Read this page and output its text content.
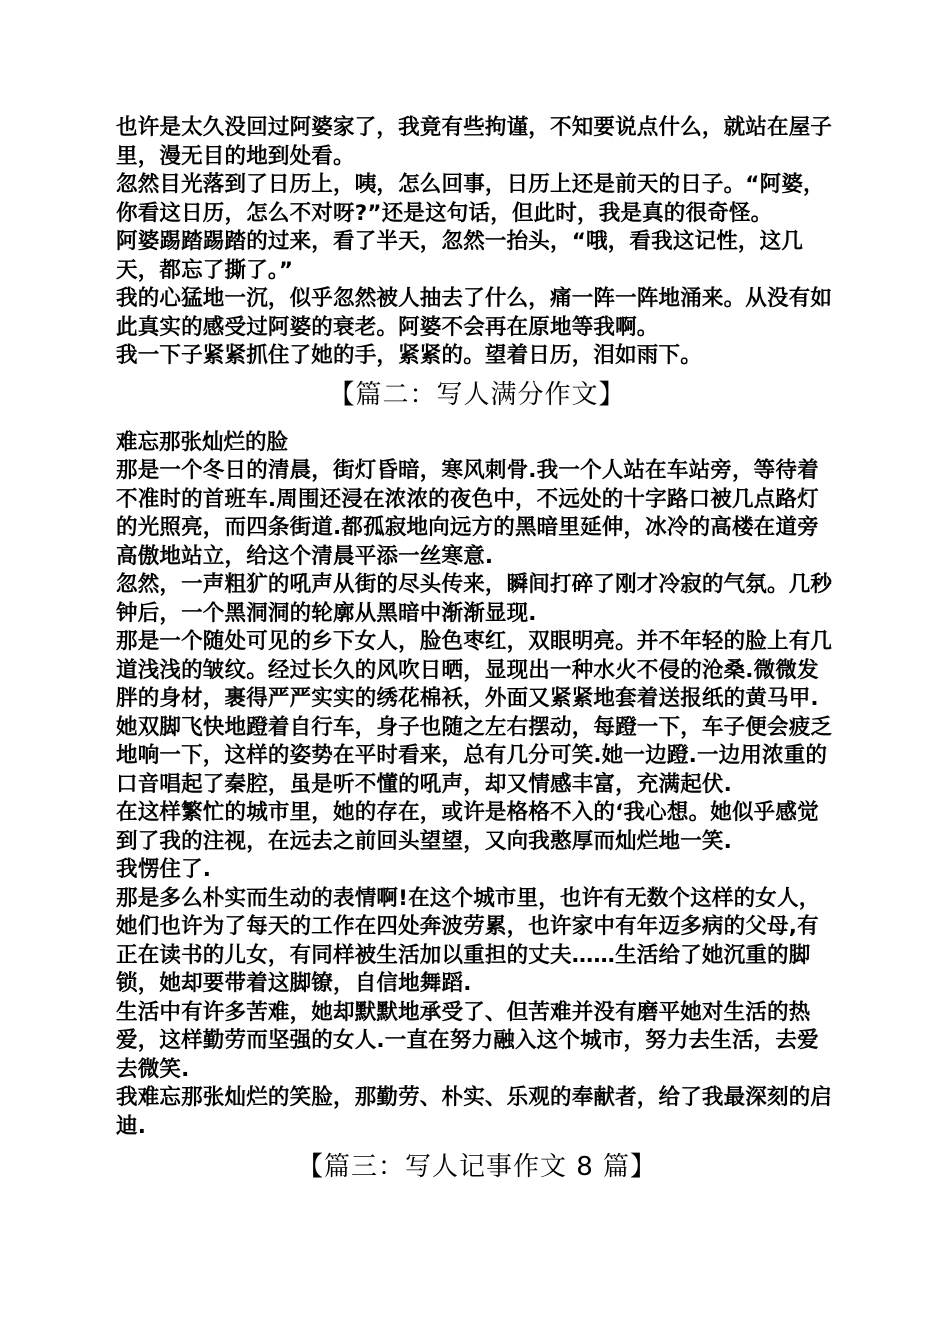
也许是太久没回过阿婆家了，我竟有些拘谨，不知要说点什么，就站在屋子里，漫无目的地到处看。

忽然目光落到了日历上，咦，怎么回事，日历上还是前天的日子。“阿婆，你看这日历，怎么不对呀?”还是这句话，但此时，我是真的很奇怪。

阿婆踢踏踢踏的过来，看了半天，忽然一抬头，“哦，看我这记性，这几天，都忘了撕了。”

我的心猛地一沉，似乎忽然被人抽去了什么，痛一阵一阵地涌来。从没有如此真实的感受过阿婆的衰老。阿婆不会再在原地等我啊。

我一下子紧紧抓住了她的手，紧紧的。望着日历，泪如雨下。

【篇二：写人满分作文】

难忘那张灿烂的脸

那是一个冬日的清晨，街灯昏暗，寒风刺骨.我一个人站在车站旁，等待着不准时的首班车.周围还浸在浓浓的夜色中，不远处的十字路口被几点路灯的光照亮，而四条街道.都孤寂地向远方的黑暗里延伸，冰冷的高楼在道旁高傲地站立，给这个清晨平添一丝寒意.

忽然，一声粗犷的吼声从街的尽头传来，瞬间打碎了刚才冷寂的气氛。几秒钟后，一个黑洞洞的轮廓从黑暗中渐渐显现.

那是一个随处可见的乡下女人，脸色枣红，双眼明亮。并不年轻的脸上有几道浅浅的皱纹。经过长久的风吹日晒，显现出一种水火不侵的沧桑.微微发胖的身材，裹得严严实实的绣花棉袄，外面又紧紧地套着送报纸的黄马甲.她双脚飞快地蹬着自行车，身子也随之左右摆动，每蹬一下，车子便会疲乏地响一下，这样的姿势在平时看来，总有几分可笑.她一边蹬.一边用浓重的口音唱起了秦腔，虽是听不懂的吼声，却又情感丰富，充满起伏.

在这样繁忙的城市里，她的存在，或许是格格不入的‘我心想。她似乎感觉到了我的注视，在远去之前回头望望，又向我憨厚而灿烂地一笑.

我愣住了.

那是多么朴实而生动的表情啊!在这个城市里，也许有无数个这样的女人，她们也许为了每天的工作在四处奔波劳累，也许家中有年迈多病的父母,有正在读书的儿女，有同样被生活加以重担的丈夫……生活给了她沉重的脚锁，她却要带着这脚镣，自信地舞蹈.

生活中有许多苦难，她却默默地承受了、但苦难并没有磨平她对生活的热爱，这样勤劳而坚强的女人.一直在努力融入这个城市，努力去生活，去爱去微笑.

我难忘那张灿烂的笑脸，那勤劳、朴实、乐观的奉献者，给了我最深刻的启迪.

【篇三：写人记事作文 8 篇】
